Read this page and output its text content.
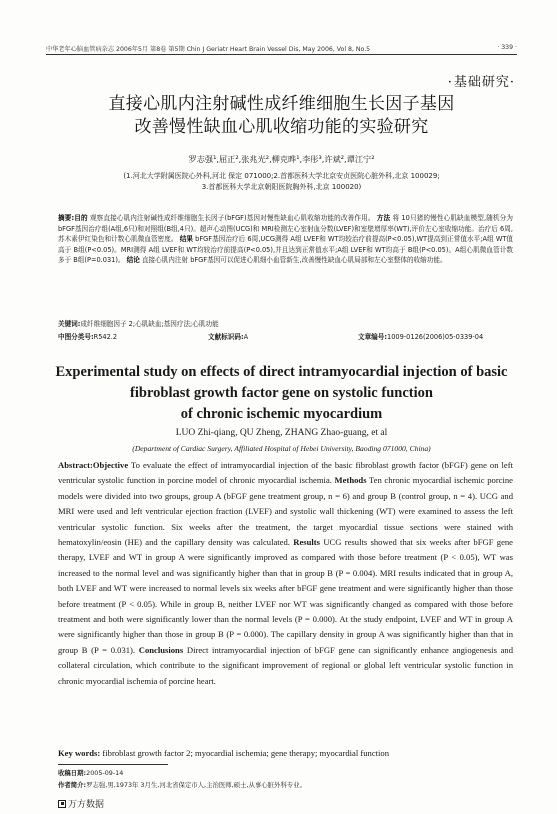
中华老年心脑血管病杂志 2006年5月 第8卷 第5期 Chin J Geriatr Heart Brain Vessel Dis, May 2006, Vol 8, No.5	· 339 ·
· 基础研究·
直接心肌内注射碱性成纤维细胞生长因子基因
改善慢性缺血心肌收缩功能的实验研究
罗志强¹,屈正²,张兆光²,柳克晔¹,李彤³,许斌²,谭江宁²
(1.河北大学附属医院心外科,河北 保定 071000;2.首都医科大学北京安贞医院心脏外科,北京 100029;
3.首都医科大学北京朝阳医院胸外科,北京 100020)
摘要:目的 观察直接心肌内注射碱性成纤维细胞生长因子(bFGF)基因对慢性缺血心肌收缩功能的改善作用。 方法 将 10只猪的慢性心肌缺血模型,随机分为 bFGF基因治疗组(A组,6只)和对照组(B组,4只)。超声心动图(UCG)和 MRI检测左心室射血分数(LVEF)和室壁增厚率(WT),评价左心室收缩功能。治疗后 6周,苏木素伊红染色和计数心肌微血管密度。 结果 bFGF基因治疗后 6周,UCG测得 A组 LVEF和 WT均较治疗前提高(P<0.05),WT提高到正常值水平;A组 WT值高于 B组(P<0.05)。MRI测得 A组 LVEF和 WT均较治疗前提高(P<0.05),并且达到正常值水平;A组 LVEF和 WT均高于 B组(P<0.05)。A组心肌微血管计数多于 B组(P=0.031)。 结论 直接心肌内注射 bFGF基因可以促进心肌细小血管新生,改善慢性缺血心肌局部和左心室整体的收缩功能。
关键词:成纤维细胞因子 2;心肌缺血;基因疗法;心肌功能
中图分类号:R542.2	文献标识码:A	文章编号:1009-0126(2006)05-0339-04
Experimental study on effects of direct intramyocardial injection of basic
fibroblast growth factor gene on systolic function
of chronic ischemic myocardium
LUO Zhi-qiang, QU Zheng, ZHANG Zhao-guang, et al
(Department of Cardiac Surgery, Affiliated Hospital of Hebei University, Baoding 071000, China)
Abstract:Objective To evaluate the effect of intramyocardial injection of the basic fibroblast growth factor (bFGF) gene on left ventricular systolic function in porcine model of chronic myocardial ischemia. Methods Ten chronic myocardial ischemic porcine models were divided into two groups, group A (bFGF gene treatment group, n = 6) and group B (control group, n = 4). UCG and MRI were used and left ventricular ejection fraction (LVEF) and systolic wall thickening (WT) were examined to assess the left ventricular systolic function. Six weeks after the treatment, the target myocardial tissue sections were stained with hematoxylin/eosin (HE) and the capillary density was calculated. Results UCG results showed that six weeks after bFGF gene therapy, LVEF and WT in group A were significantly improved as compared with those before treatment (P < 0.05), WT was increased to the normal level and was significantly higher than that in group B (P = 0.004). MRI results indicated that in group A, both LVEF and WT were increased to normal levels six weeks after bFGF gene treatment and were significantly higher than those before treatment (P < 0.05). While in group B, neither LVEF nor WT was significantly changed as compared with those before treatment and both were significantly lower than the normal levels (P = 0.000). At the study endpoint, LVEF and WT in group A were significantly higher than those in group B (P = 0.000). The capillary density in group A was significantly higher than that in group B (P = 0.031). Conclusions Direct intramyocardial injection of bFGF gene can significantly enhance angiogenesis and collateral circulation, which contribute to the significant improvement of regional or global left ventricular systolic function in chronic myocardial ischemia of porcine heart.
Key words: fibroblast growth factor 2; myocardial ischemia; gene therapy; myocardial function
收稿日期:2005-09-14
作者简介:罗志强,男,1973年 3月生,河北省保定市人,主治医师,硕士,从事心脏外科专业。
万方数据
